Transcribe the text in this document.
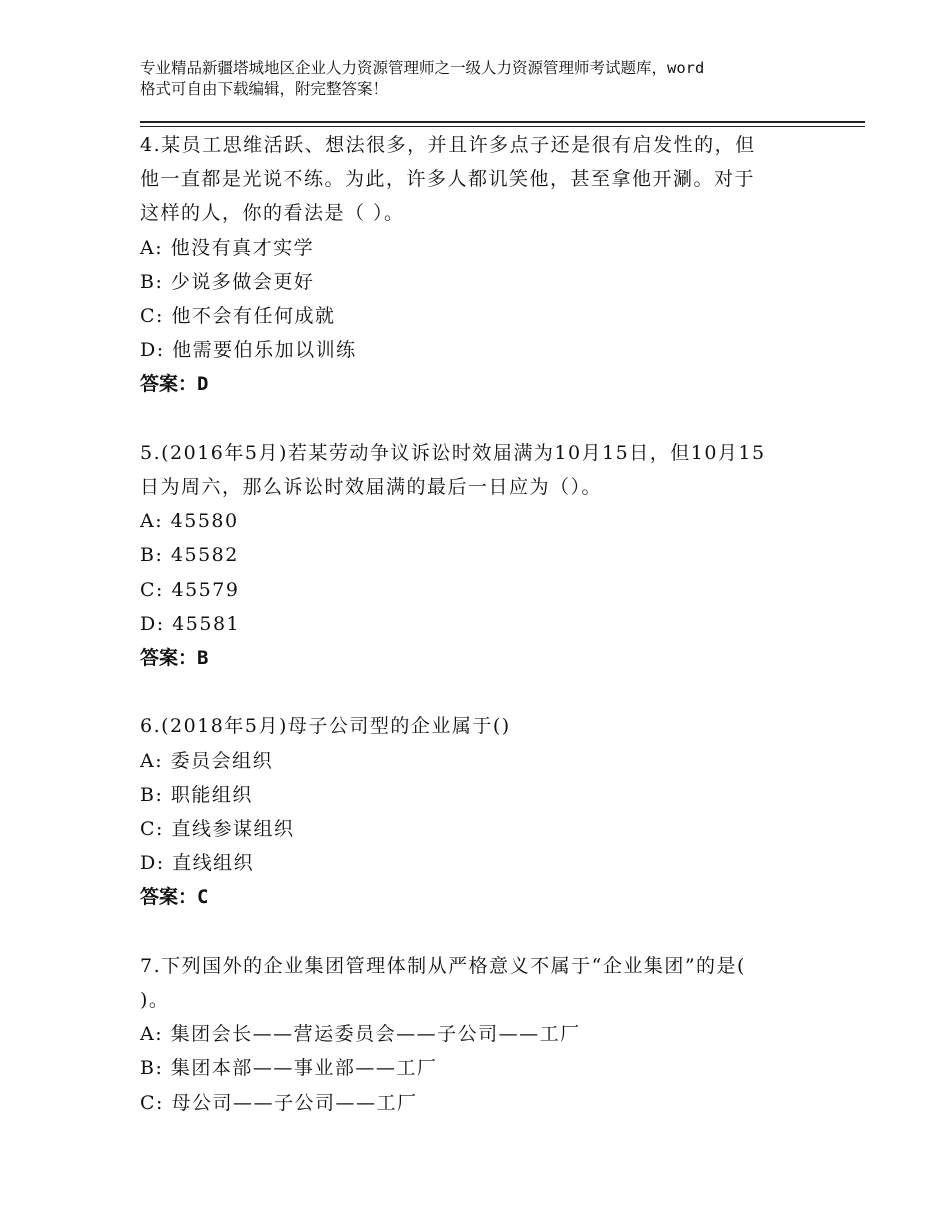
专业精品新疆塔城地区企业人力资源管理师之一级人力资源管理师考试题库，word
格式可自由下载编辑，附完整答案！
4.某员工思维活跃、想法很多，并且许多点子还是很有启发性的，但
他一直都是光说不练。为此，许多人都讥笑他，甚至拿他开涮。对于
这样的人，你的看法是（ ）。
A: 他没有真才实学
B: 少说多做会更好
C: 他不会有任何成就
D: 他需要伯乐加以训练
答案：D
5.(2016年5月)若某劳动争议诉讼时效届满为10月15日，但10月15
日为周六，那么诉讼时效届满的最后一日应为（）。
A: 45580
B: 45582
C: 45579
D: 45581
答案：B
6.(2018年5月)母子公司型的企业属于()
A: 委员会组织
B: 职能组织
C: 直线参谋组织
D: 直线组织
答案：C
7.下列国外的企业集团管理体制从严格意义不属于“企业集团”的是(
)。
A: 集团会长——营运委员会——子公司——工厂
B: 集团本部——事业部——工厂
C: 母公司——子公司——工厂
